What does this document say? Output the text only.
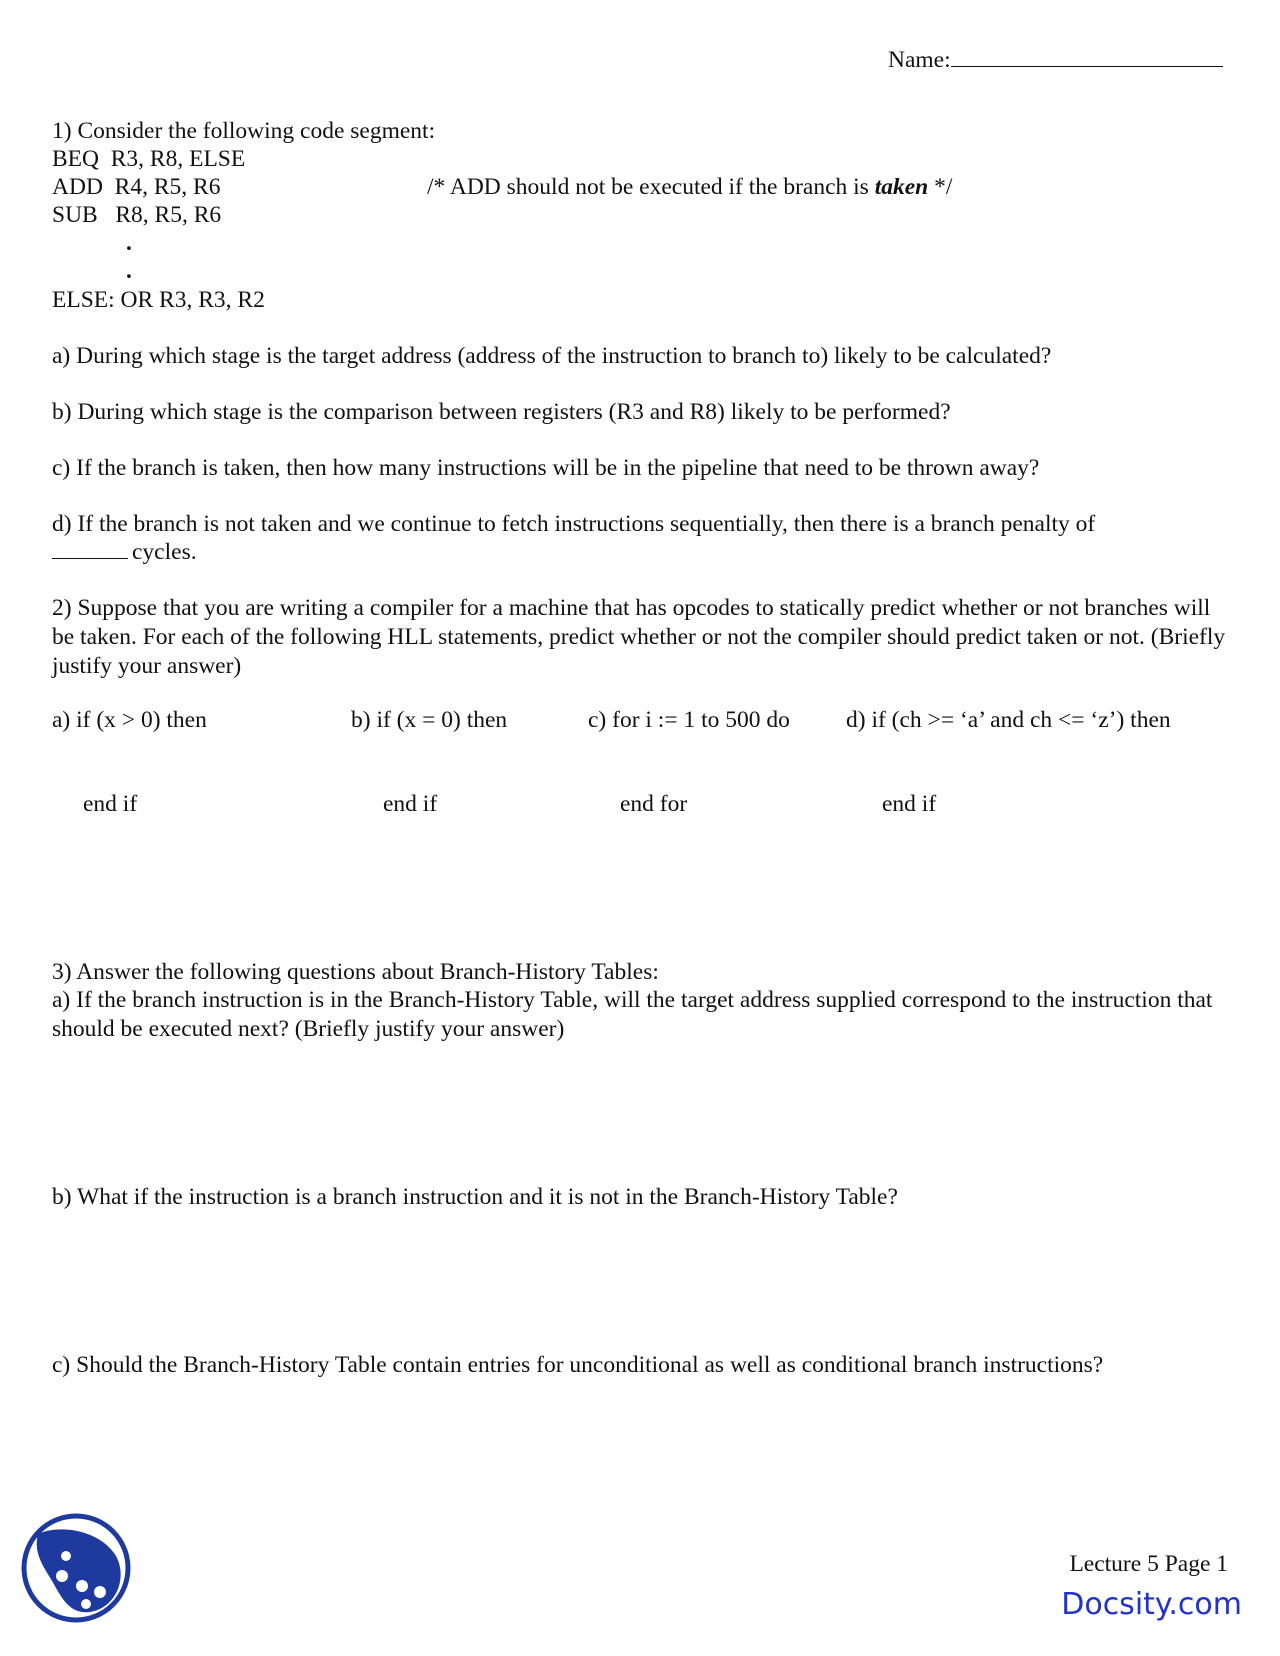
Name:
1) Consider the following code segment:
BEQ R3, R8, ELSE
ADD R4, R5, R6	/* ADD should not be executed if the branch is taken */
SUB R8, R5, R6
.
.
ELSE: OR R3, R3, R2
a) During which stage is the target address (address of the instruction to branch to) likely to be calculated?
b) During which stage is the comparison between registers (R3 and R8) likely to be performed?
c) If the branch is taken, then how many instructions will be in the pipeline that need to be thrown away?
d) If the branch is not taken and we continue to fetch instructions sequentially, then there is a branch penalty of
cycles.
2) Suppose that you are writing a compiler for a machine that has opcodes to statically predict whether or not branches will be taken. For each of the following HLL statements, predict whether or not the compiler should predict taken or not. (Briefly justify your answer)
a) if (x > 0) then	b) if (x = 0) then	c) for i := 1 to 500 do d) if (ch >= ‘a’ and ch <= ‘z’) then
end if	end if	end for	end if
3) Answer the following questions about Branch-History Tables:
a) If the branch instruction is in the Branch-History Table, will the target address supplied correspond to the instruction that should be executed next? (Briefly justify your answer)
b) What if the instruction is a branch instruction and it is not in the Branch-History Table?
c) Should the Branch-History Table contain entries for unconditional as well as conditional branch instructions?
Lecture 5 Page 1
Docsity.com
